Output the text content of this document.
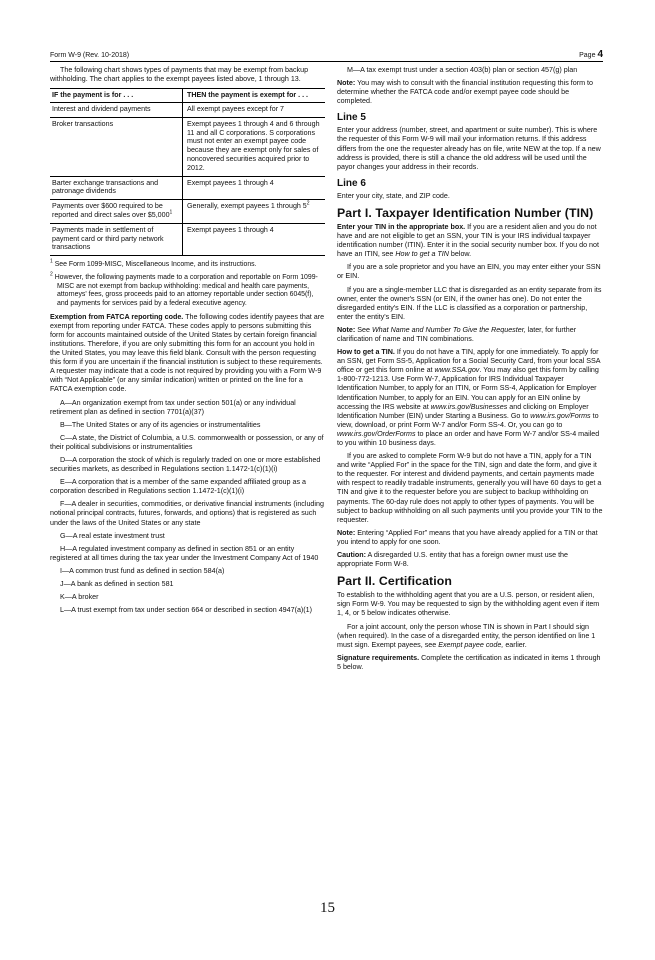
Form W-9 (Rev. 10-2018)	Page 4

The following chart shows types of payments that may be exempt from backup withholding. The chart applies to the exempt payees listed above, 1 through 13.

IF the payment is for . . .	THEN the payment is exempt for . . .
Interest and dividend payments	All exempt payees except for 7
Broker transactions	Exempt payees 1 through 4 and 6 through 11 and all C corporations. S corporations must not enter an exempt payee code because they are exempt only for sales of noncovered securities acquired prior to 2012.
Barter exchange transactions and patronage dividends	Exempt payees 1 through 4
Payments over $600 required to be reported and direct sales over $5,000$^1$	Generally, exempt payees 1 through $5^2$
Payments made in settlement of payment card or third party network transactions	Exempt payees 1 through 4

$^1$ See Form 1099-MISC, Miscellaneous Income, and its instructions.

$^2$ However, the following payments made to a corporation and reportable on Form 1099-MISC are not exempt from backup withholding: medical and health care payments, attorneys' fees, gross proceeds paid to an attorney reportable under section 6045(f), and payments for services paid by a federal executive agency.

Exemption from FATCA reporting code. The following codes identify payees that are exempt from reporting under FATCA. These codes apply to persons submitting this form for accounts maintained outside of the United States by certain foreign financial institutions. Therefore, if you are only submitting this form for an account you hold in the United States, you may leave this field blank. Consult with the person requesting this form if you are uncertain if the financial institution is subject to these requirements. A requester may indicate that a code is not required by providing you with a Form W-9 with “Not Applicable” (or any similar indication) written or printed on the line for a FATCA exemption code.

A—An organization exempt from tax under section 501(a) or any individual retirement plan as defined in section 7701(a)(37)

B—The United States or any of its agencies or instrumentalities

C—A state, the District of Columbia, a U.S. commonwealth or possession, or any of their political subdivisions or instrumentalities

D—A corporation the stock of which is regularly traded on one or more established securities markets, as described in Regulations section 1.1472-1(c)(1)(i)

E—A corporation that is a member of the same expanded affiliated group as a corporation described in Regulations section 1.1472-1(c)(1)(i)

F—A dealer in securities, commodities, or derivative financial instruments (including notional principal contracts, futures, forwards, and options) that is registered as such under the laws of the United States or any state

G—A real estate investment trust

H—A regulated investment company as defined in section 851 or an entity registered at all times during the tax year under the Investment Company Act of 1940

I—A common trust fund as defined in section 584(a)

J—A bank as defined in section 581

K—A broker

L—A trust exempt from tax under section 664 or described in section 4947(a)(1)

M—A tax exempt trust under a section 403(b) plan or section 457(g) plan

Note: You may wish to consult with the financial institution requesting this form to determine whether the FATCA code and/or exempt payee code should be completed.

Line 5

Enter your address (number, street, and apartment or suite number). This is where the requester of this Form W-9 will mail your information returns. If this address differs from the one the requester already has on file, write NEW at the top. If a new address is provided, there is still a chance the old address will be used until the payor changes your address in their records.

Line 6

Enter your city, state, and ZIP code.

Part I. Taxpayer Identification Number (TIN)

Enter your TIN in the appropriate box. If you are a resident alien and you do not have and are not eligible to get an SSN, your TIN is your IRS individual taxpayer identification number (ITIN). Enter it in the social security number box. If you do not have an ITIN, see How to get a TIN below.

If you are a sole proprietor and you have an EIN, you may enter either your SSN or EIN.

If you are a single-member LLC that is disregarded as an entity separate from its owner, enter the owner's SSN (or EIN, if the owner has one). Do not enter the disregarded entity's EIN. If the LLC is classified as a corporation or partnership, enter the entity's EIN.

Note: See What Name and Number To Give the Requester, later, for further clarification of name and TIN combinations.

How to get a TIN. If you do not have a TIN, apply for one immediately. To apply for an SSN, get Form SS-5, Application for a Social Security Card, from your local SSA office or get this form online at www.SSA.gov. You may also get this form by calling 1-800-772-1213. Use Form W-7, Application for IRS Individual Taxpayer Identification Number, to apply for an ITIN, or Form SS-4, Application for Employer Identification Number, to apply for an EIN. You can apply for an EIN online by accessing the IRS website at www.irs.gov/Businesses and clicking on Employer Identification Number (EIN) under Starting a Business. Go to www.irs.gov/Forms to view, download, or print Form W-7 and/or Form SS-4. Or, you can go to www.irs.gov/OrderForms to place an order and have Form W-7 and/or SS-4 mailed to you within 10 business days.

If you are asked to complete Form W-9 but do not have a TIN, apply for a TIN and write “Applied For” in the space for the TIN, sign and date the form, and give it to the requester. For interest and dividend payments, and certain payments made with respect to readily tradable instruments, generally you will have 60 days to get a TIN and give it to the requester before you are subject to backup withholding on payments. The 60-day rule does not apply to other types of payments. You will be subject to backup withholding on all such payments until you provide your TIN to the requester.

Note: Entering “Applied For” means that you have already applied for a TIN or that you intend to apply for one soon.

Caution: A disregarded U.S. entity that has a foreign owner must use the appropriate Form W-8.

Part II. Certification

To establish to the withholding agent that you are a U.S. person, or resident alien, sign Form W-9. You may be requested to sign by the withholding agent even if item 1, 4, or 5 below indicates otherwise.

For a joint account, only the person whose TIN is shown in Part I should sign (when required). In the case of a disregarded entity, the person identified on line 1 must sign. Exempt payees, see Exempt payee code, earlier.

Signature requirements. Complete the certification as indicated in items 1 through 5 below.

15
